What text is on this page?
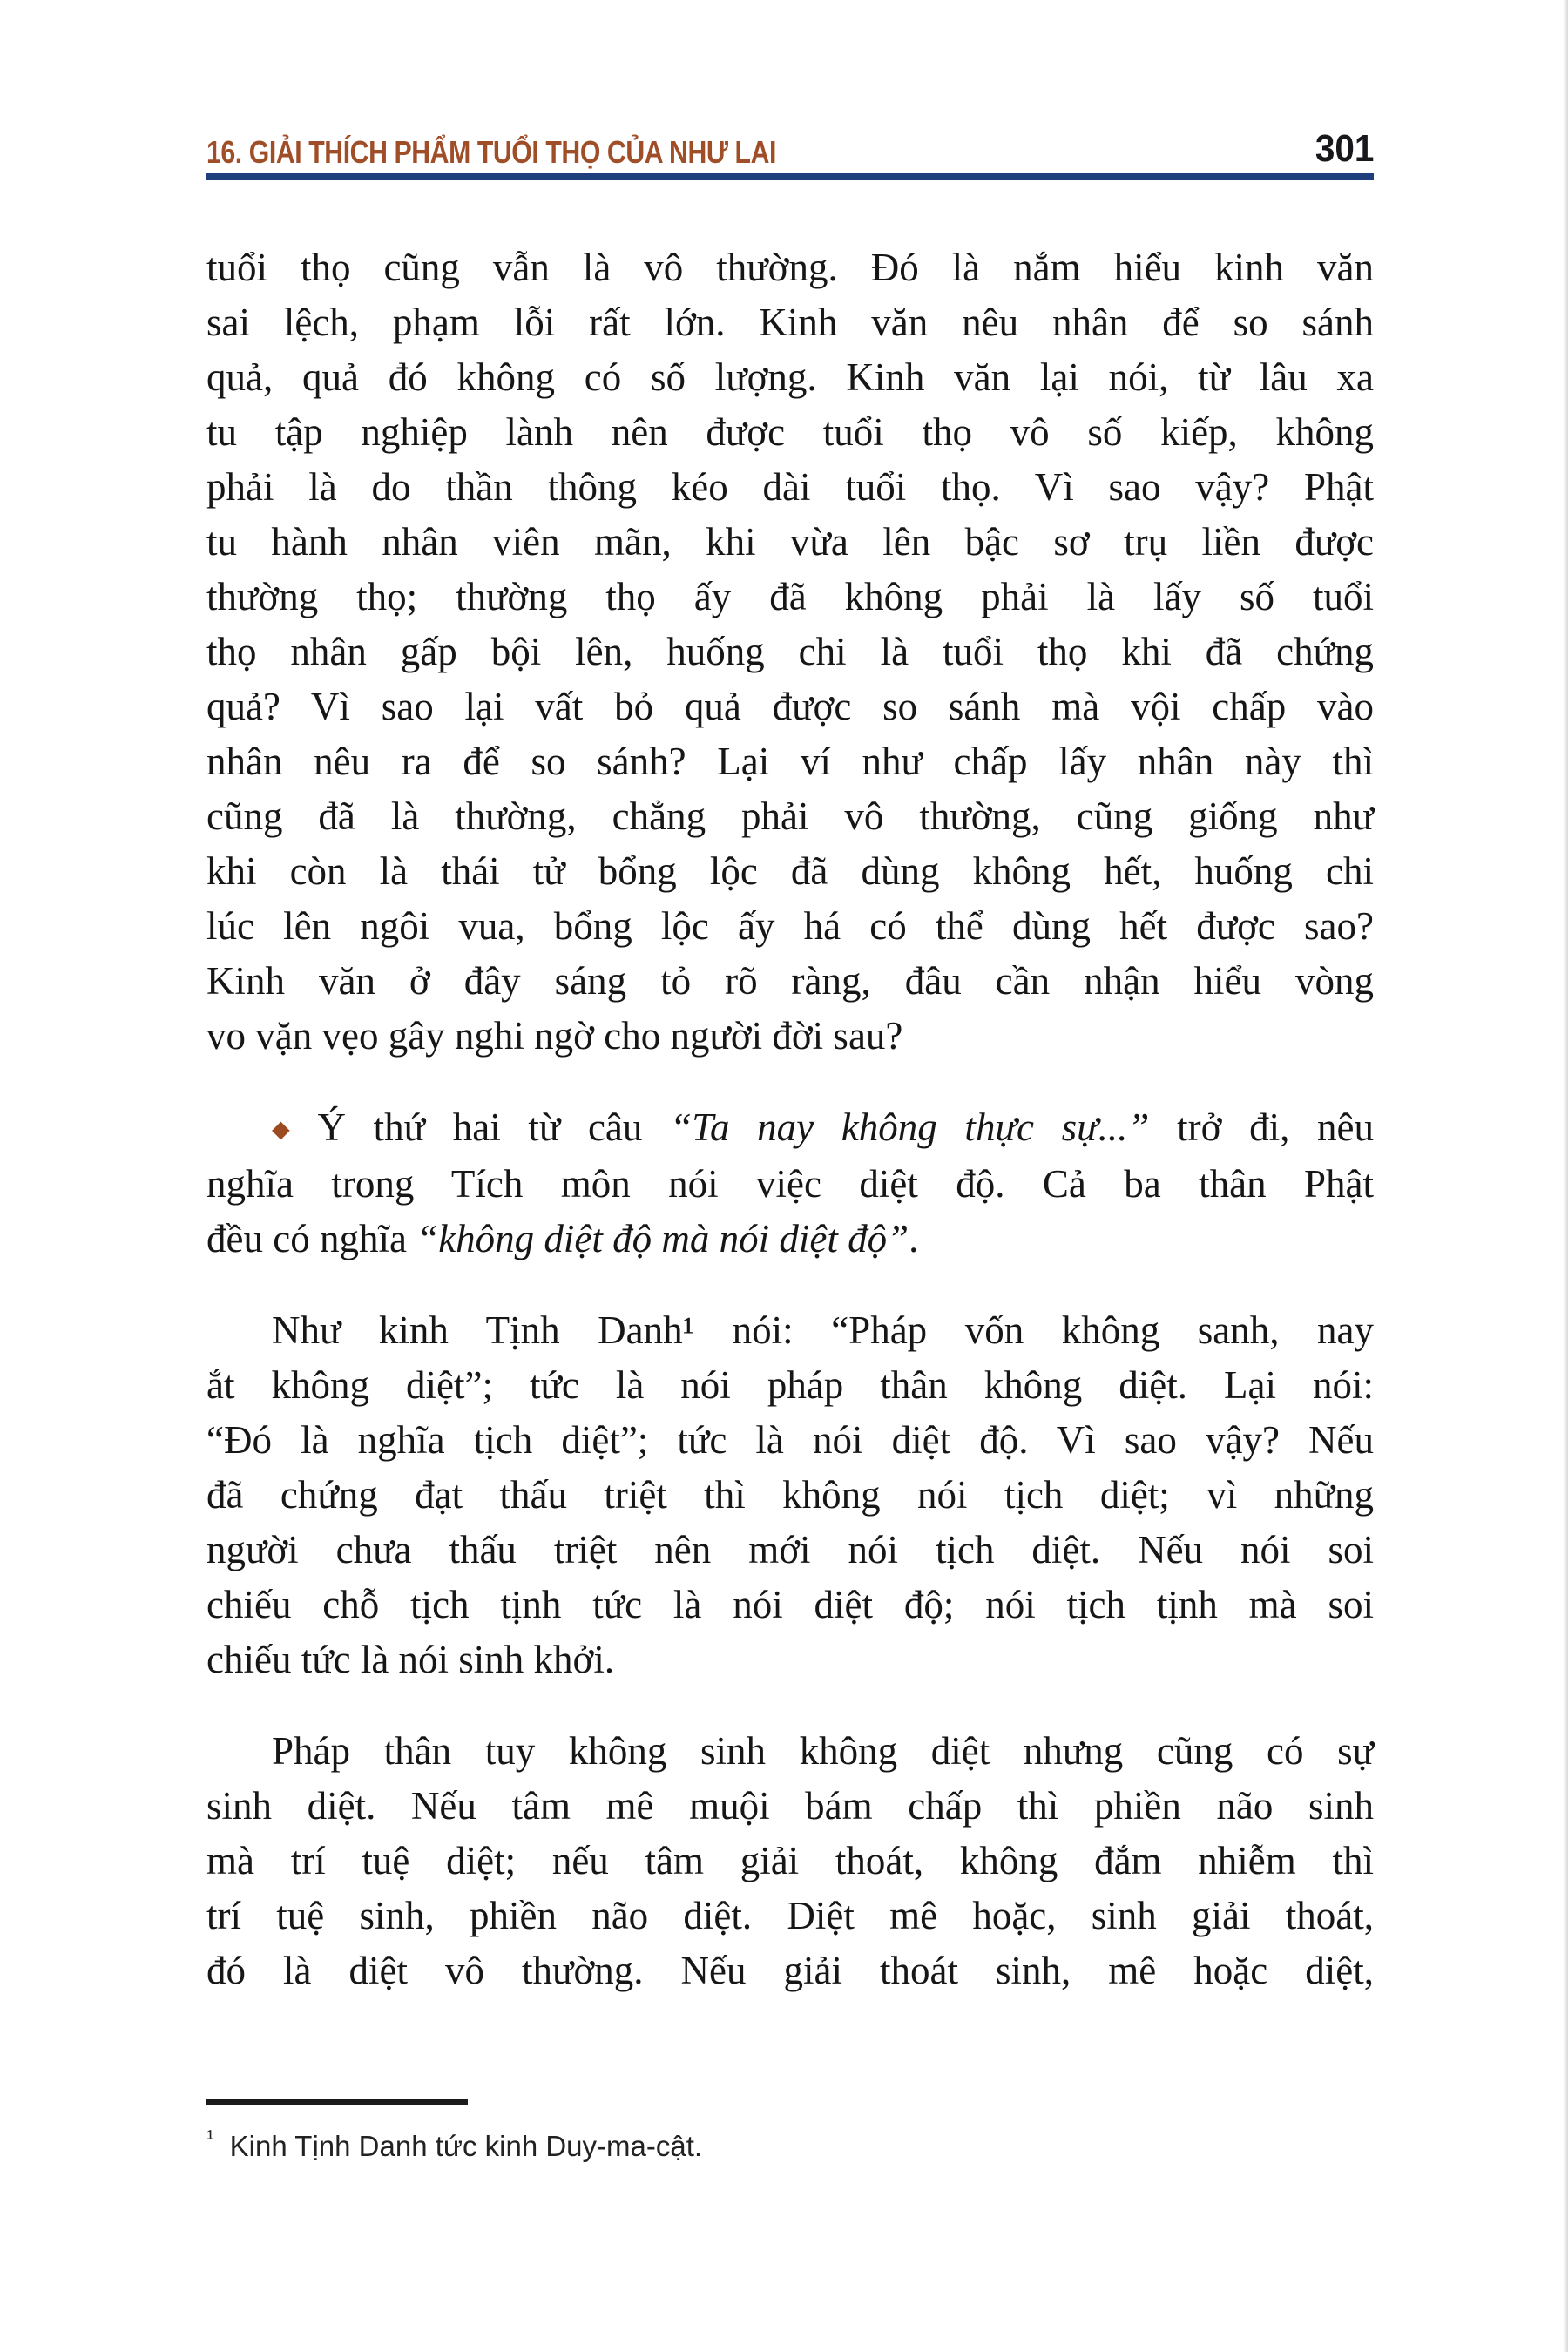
16. GIẢI THÍCH PHẨM TUỔI THỌ CỦA NHƯ LAI	301
tuổi thọ cũng vẫn là vô thường. Đó là nắm hiểu kinh văn
sai lệch, phạm lỗi rất lớn. Kinh văn nêu nhân để so sánh
quả, quả đó không có số lượng. Kinh văn lại nói, từ lâu xa
tu tập nghiệp lành nên được tuổi thọ vô số kiếp, không
phải là do thần thông kéo dài tuổi thọ. Vì sao vậy? Phật
tu hành nhân viên mãn, khi vừa lên bậc sơ trụ liền được
thường thọ; thường thọ ấy đã không phải là lấy số tuổi
thọ nhân gấp bội lên, huống chi là tuổi thọ khi đã chứng
quả? Vì sao lại vất bỏ quả được so sánh mà vội chấp vào
nhân nêu ra để so sánh? Lại ví như chấp lấy nhân này thì
cũng đã là thường, chẳng phải vô thường, cũng giống như
khi còn là thái tử bổng lộc đã dùng không hết, huống chi
lúc lên ngôi vua, bổng lộc ấy há có thể dùng hết được sao?
Kinh văn ở đây sáng tỏ rõ ràng, đâu cần nhận hiểu vòng
vo vặn vẹo gây nghi ngờ cho người đời sau?
◆ Ý thứ hai từ câu “Ta nay không thực sự...” trở đi, nêu
nghĩa trong Tích môn nói việc diệt độ. Cả ba thân Phật
đều có nghĩa “không diệt độ mà nói diệt độ”.
Như kinh Tịnh Danh¹ nói: “Pháp vốn không sanh, nay
ắt không diệt”; tức là nói pháp thân không diệt. Lại nói:
“Đó là nghĩa tịch diệt”; tức là nói diệt độ. Vì sao vậy? Nếu
đã chứng đạt thấu triệt thì không nói tịch diệt; vì những
người chưa thấu triệt nên mới nói tịch diệt. Nếu nói soi
chiếu chỗ tịch tịnh tức là nói diệt độ; nói tịch tịnh mà soi
chiếu tức là nói sinh khởi.
Pháp thân tuy không sinh không diệt nhưng cũng có sự
sinh diệt. Nếu tâm mê muội bám chấp thì phiền não sinh
mà trí tuệ diệt; nếu tâm giải thoát, không đắm nhiễm thì
trí tuệ sinh, phiền não diệt. Diệt mê hoặc, sinh giải thoát,
đó là diệt vô thường. Nếu giải thoát sinh, mê hoặc diệt,
$^{^1}$ Kinh Tịnh Danh tức kinh Duy-ma-cật.
